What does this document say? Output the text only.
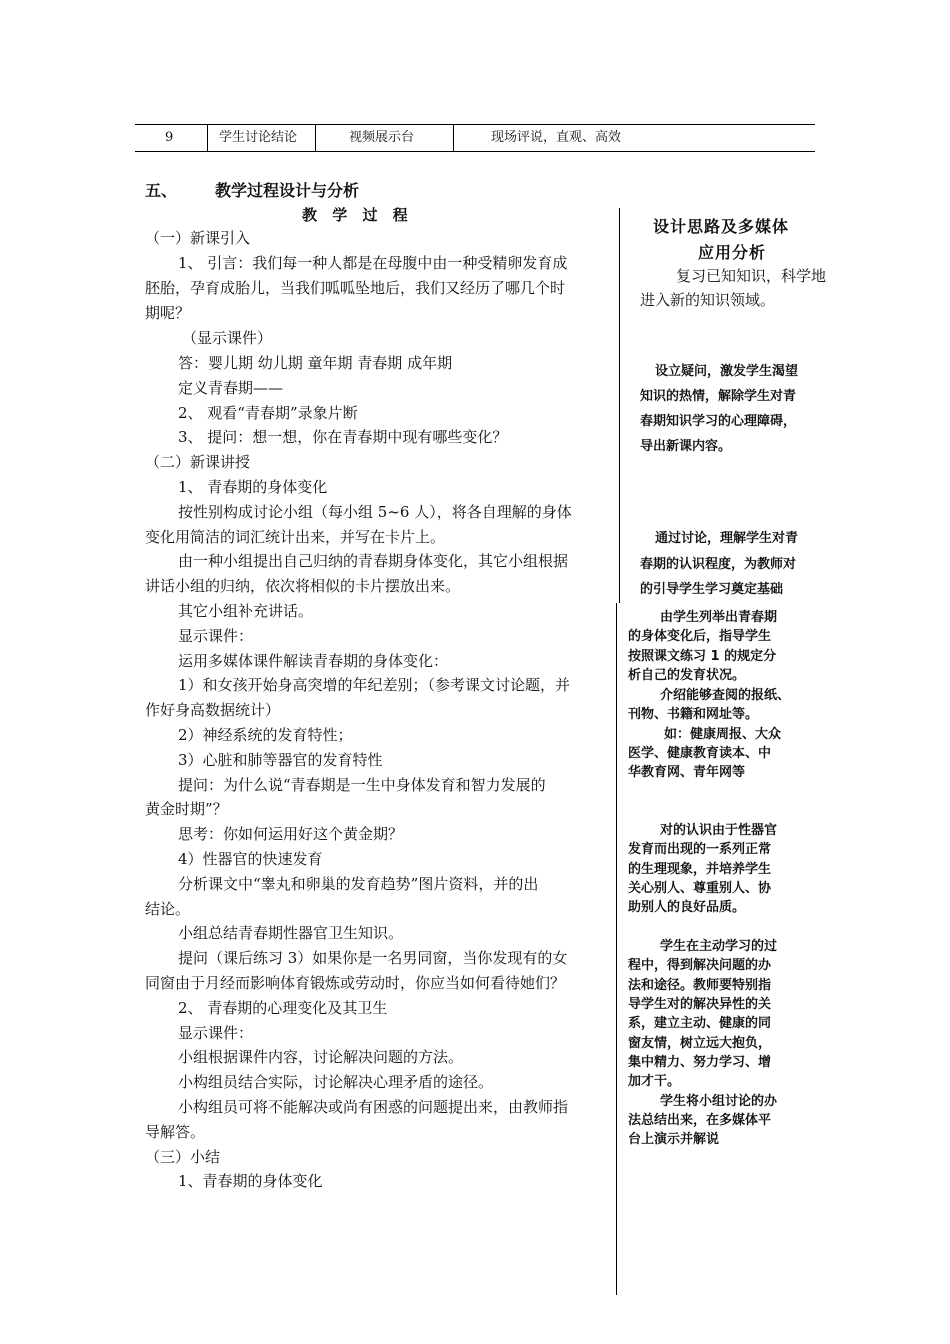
9	学生讨论结论	视频展示台	现场评说，直观、高效
五、 教学过程设计与分析
教 学 过 程
设计思路及多媒体
应用分析
复习已知知识，科学地
进入新的知识领域。
（一）新课引入
1、 引言：我们每一种人都是在母腹中由一种受精卵发育成
胚胎，孕育成胎儿，当我们呱呱坠地后，我们又经历了哪几个时
期呢？
（显示课件）
答：婴儿期 幼儿期 童年期 青春期 成年期
定义青春期——
2、 观看“青春期”录象片断
3、 提问：想一想，你在青春期中现有哪些变化？
（二）新课讲授
1、 青春期的身体变化
按性别构成讨论小组（每小组 5~6 人），将各自理解的身体
变化用简洁的词汇统计出来，并写在卡片上。
由一种小组提出自己归纳的青春期身体变化，其它小组根据
讲话小组的归纳，依次将相似的卡片摆放出来。
其它小组补充讲话。
显示课件：
运用多媒体课件解读青春期的身体变化：
1）和女孩开始身高突增的年纪差别；（参考课文讨论题，并
作好身高数据统计）
2）神经系统的发育特性；
3）心脏和肺等器官的发育特性
提问：为什么说“青春期是一生中身体发育和智力发展的
黄金时期”？
思考：你如何运用好这个黄金期？
4）性器官的快速发育
分析课文中“睾丸和卵巢的发育趋势”图片资料，并的出
结论。
小组总结青春期性器官卫生知识。
提问（课后练习 3）如果你是一名男同窗，当你发现有的女
同窗由于月经而影响体育锻炼或劳动时，你应当如何看待她们？
2、 青春期的心理变化及其卫生
显示课件：
小组根据课件内容，讨论解决问题的方法。
小构组员结合实际，讨论解决心理矛盾的途径。
小构组员可将不能解决或尚有困惑的问题提出来，由教师指
导解答。
（三）小结
1、青春期的身体变化
设立疑问，激发学生渴望
知识的热情，解除学生对青
春期知识学习的心理障碍，
导出新课内容。
通过讨论，理解学生对青
春期的认识程度，为教师对
的引导学生学习奠定基础
由学生列举出青春期
的身体变化后，指导学生
按照课文练习 1 的规定分
析自己的发育状况。
介绍能够查阅的报纸、
刊物、书籍和网址等。
如：健康周报、大众
医学、健康教育读本、中
华教育网、青年网等
对的认识由于性器官
发育而出现的一系列正常
的生理现象，并培养学生
关心别人、尊重别人、协
助别人的良好品质。
学生在主动学习的过
程中，得到解决问题的办
法和途径。教师要特别指
导学生对的解决异性的关
系，建立主动、健康的同
窗友情，树立远大抱负，
集中精力、努力学习、增
加才干。
学生将小组讨论的办
法总结出来，在多媒体平
台上演示并解说
